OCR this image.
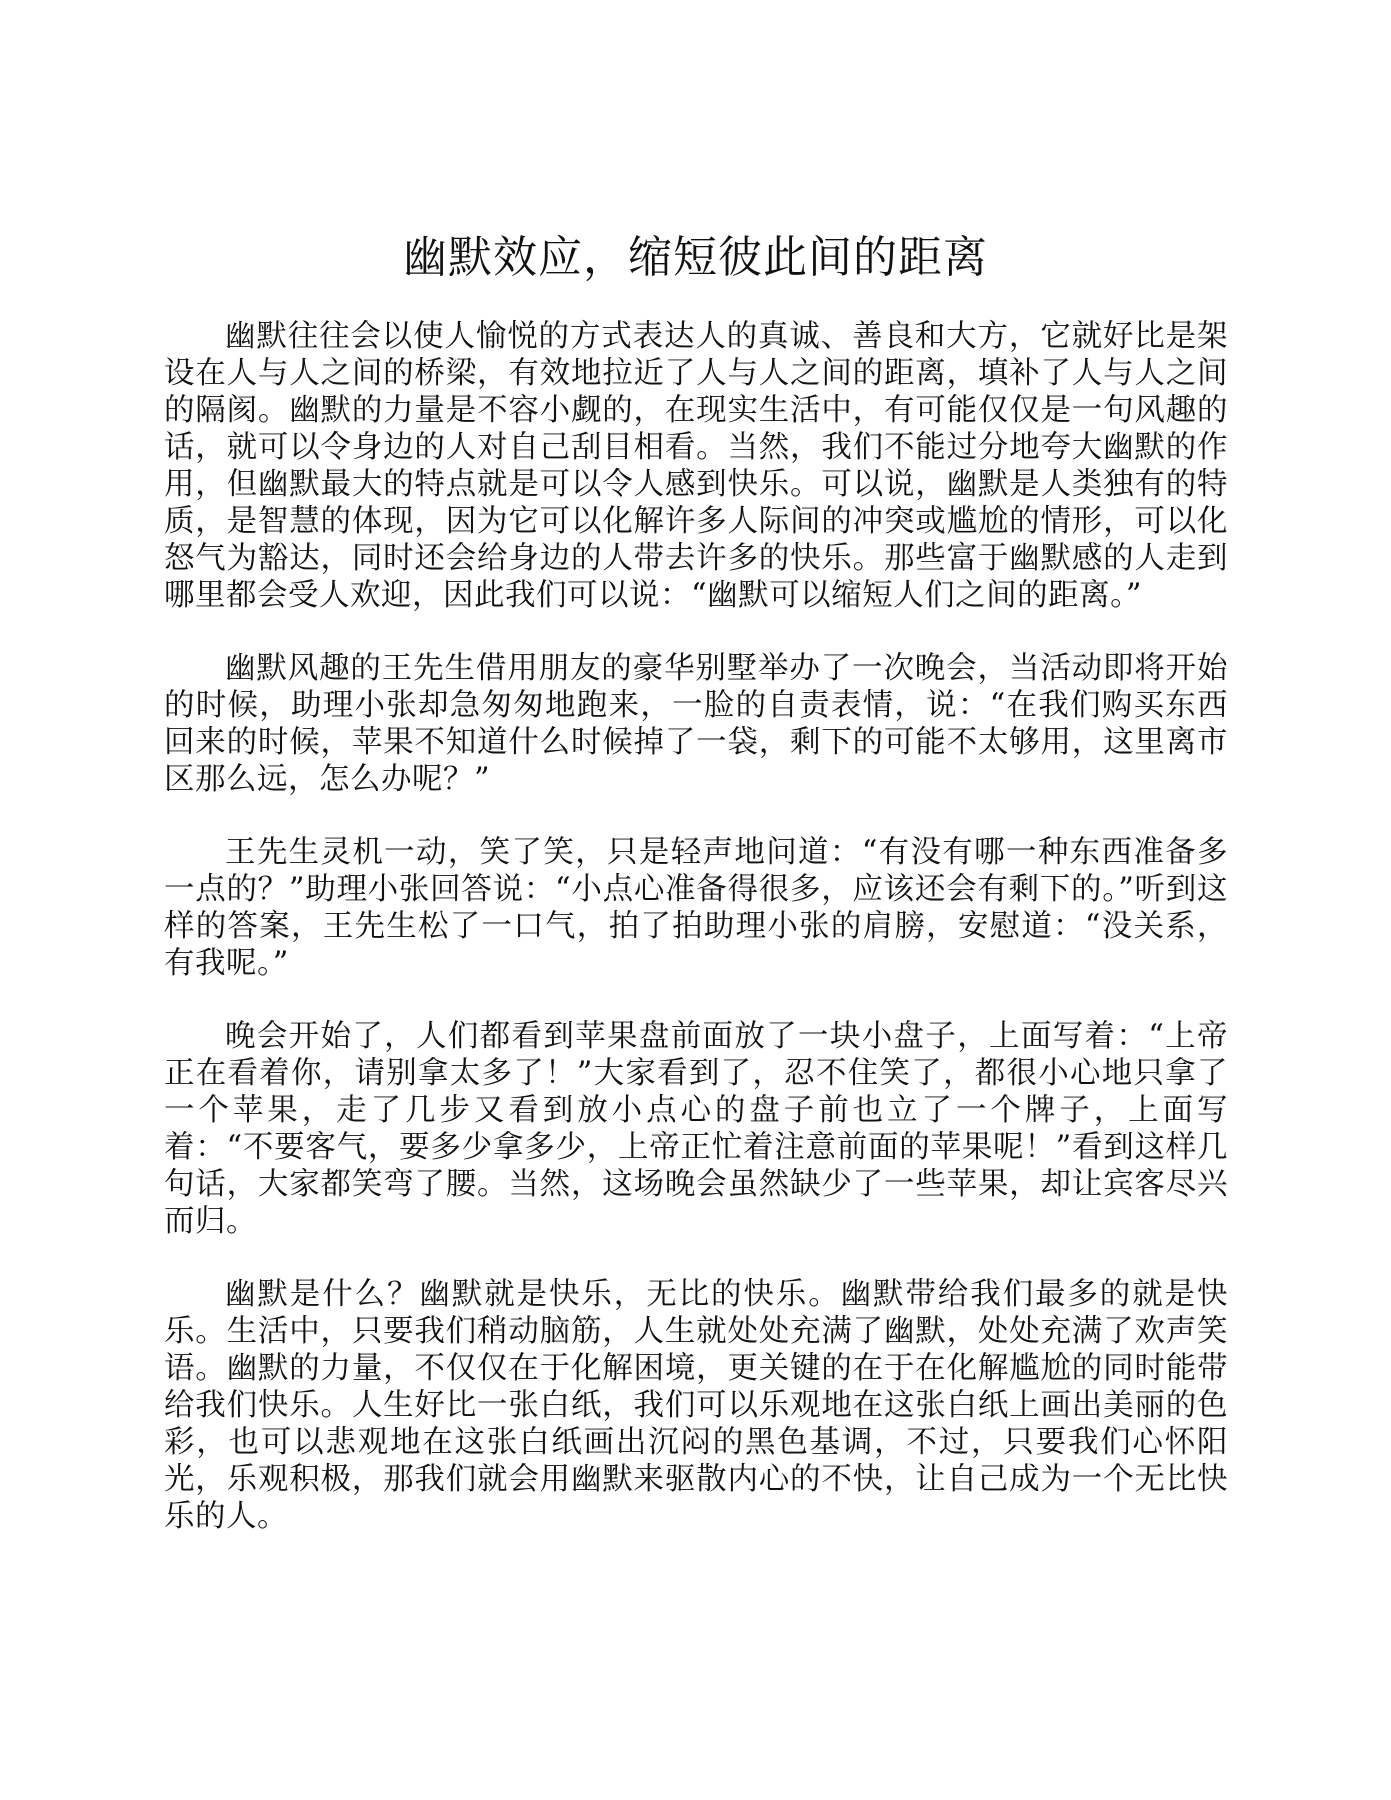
幽默效应，缩短彼此间的距离

幽默往往会以使人愉悦的方式表达人的真诚、善良和大方，它就好比是架设在人与人之间的桥梁，有效地拉近了人与人之间的距离，填补了人与人之间的隔阂。幽默的力量是不容小觑的，在现实生活中，有可能仅仅是一句风趣的话，就可以令身边的人对自己刮目相看。当然，我们不能过分地夸大幽默的作用，但幽默最大的特点就是可以令人感到快乐。可以说，幽默是人类独有的特质，是智慧的体现，因为它可以化解许多人际间的冲突或尴尬的情形，可以化怒气为豁达，同时还会给身边的人带去许多的快乐。那些富于幽默感的人走到哪里都会受人欢迎，因此我们可以说：“幽默可以缩短人们之间的距离。”

幽默风趣的王先生借用朋友的豪华别墅举办了一次晚会，当活动即将开始的时候，助理小张却急匆匆地跑来，一脸的自责表情，说：“在我们购买东西回来的时候，苹果不知道什么时候掉了一袋，剩下的可能不太够用，这里离市区那么远，怎么办呢？”

王先生灵机一动，笑了笑，只是轻声地问道：“有没有哪一种东西准备多一点的？”助理小张回答说：“小点心准备得很多，应该还会有剩下的。”听到这样的答案，王先生松了一口气，拍了拍助理小张的肩膀，安慰道：“没关系，有我呢。”

晚会开始了，人们都看到苹果盘前面放了一块小盘子，上面写着：“上帝正在看着你，请别拿太多了！”大家看到了，忍不住笑了，都很小心地只拿了一个苹果，走了几步又看到放小点心的盘子前也立了一个牌子，上面写着：“不要客气，要多少拿多少，上帝正忙着注意前面的苹果呢！”看到这样几句话，大家都笑弯了腰。当然，这场晚会虽然缺少了一些苹果，却让宾客尽兴而归。

幽默是什么？幽默就是快乐，无比的快乐。幽默带给我们最多的就是快乐。生活中，只要我们稍动脑筋，人生就处处充满了幽默，处处充满了欢声笑语。幽默的力量，不仅仅在于化解困境，更关键的在于在化解尴尬的同时能带给我们快乐。人生好比一张白纸，我们可以乐观地在这张白纸上画出美丽的色彩，也可以悲观地在这张白纸画出沉闷的黑色基调，不过，只要我们心怀阳光，乐观积极，那我们就会用幽默来驱散内心的不快，让自己成为一个无比快乐的人。
